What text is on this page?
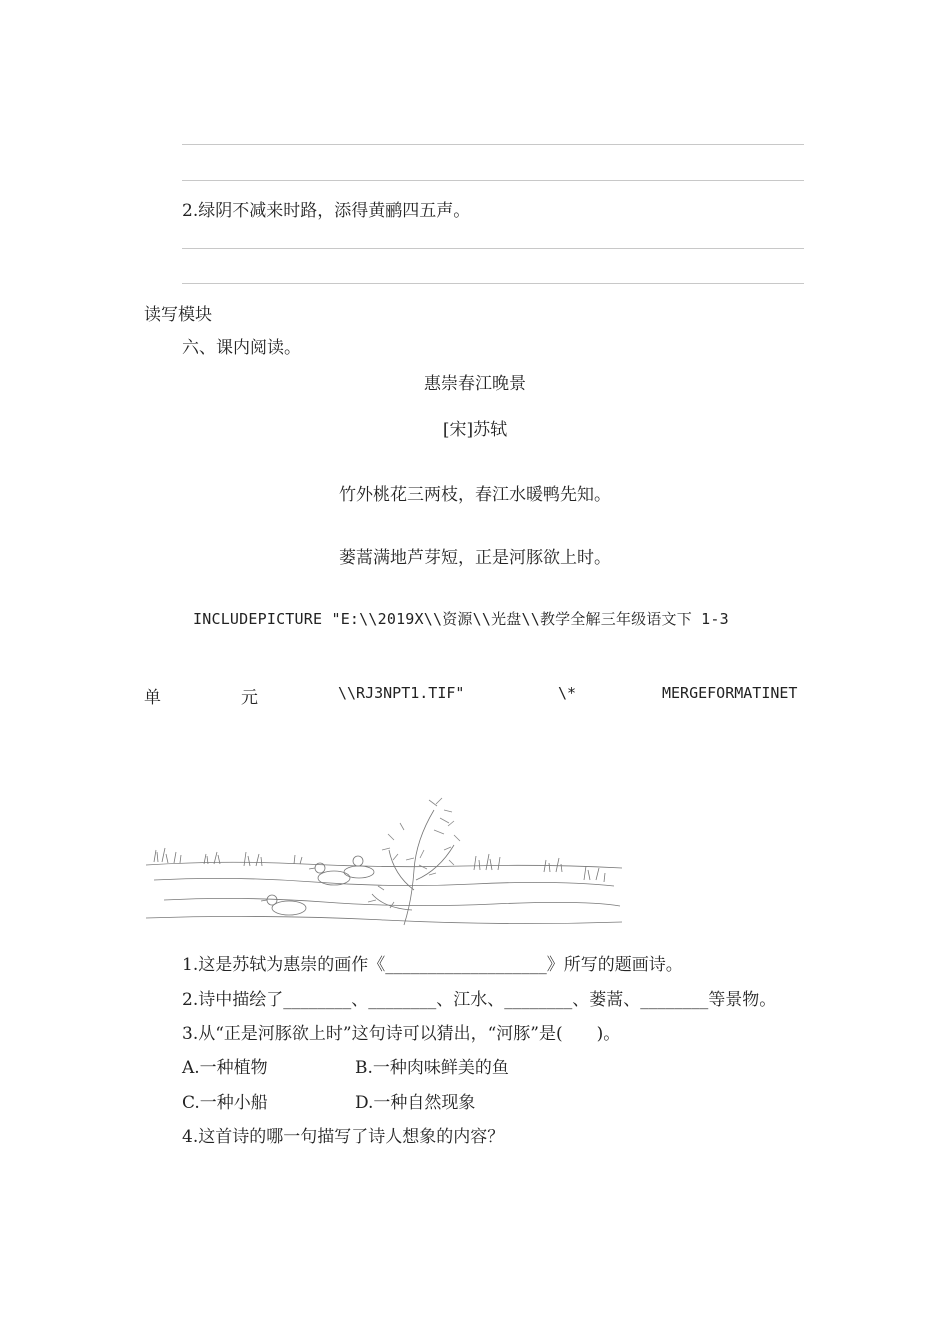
2.绿阴不减来时路，添得黄鹂四五声。
读写模块
六、课内阅读。
惠崇春江晚景
[宋]苏轼
竹外桃花三两枝，春江水暖鸭先知。
蒌蒿满地芦芽短，正是河豚欲上时。
INCLUDEPICTURE "E:\\2019X\\资源\\光盘\\教学全解三年级语文下 1-3
单	元	\\RJ3NPT1.TIF"	\*	MERGEFORMATINET
1.这是苏轼为惠崇的画作《___________________》所写的题画诗。
2.诗中描绘了________、________、江水、________、蒌蒿、________等景物。
3.从“正是河豚欲上时”这句诗可以猜出，“河豚”是(　　)。
A.一种植物	B.一种肉味鲜美的鱼
C.一种小船	D.一种自然现象
4.这首诗的哪一句描写了诗人想象的内容？
